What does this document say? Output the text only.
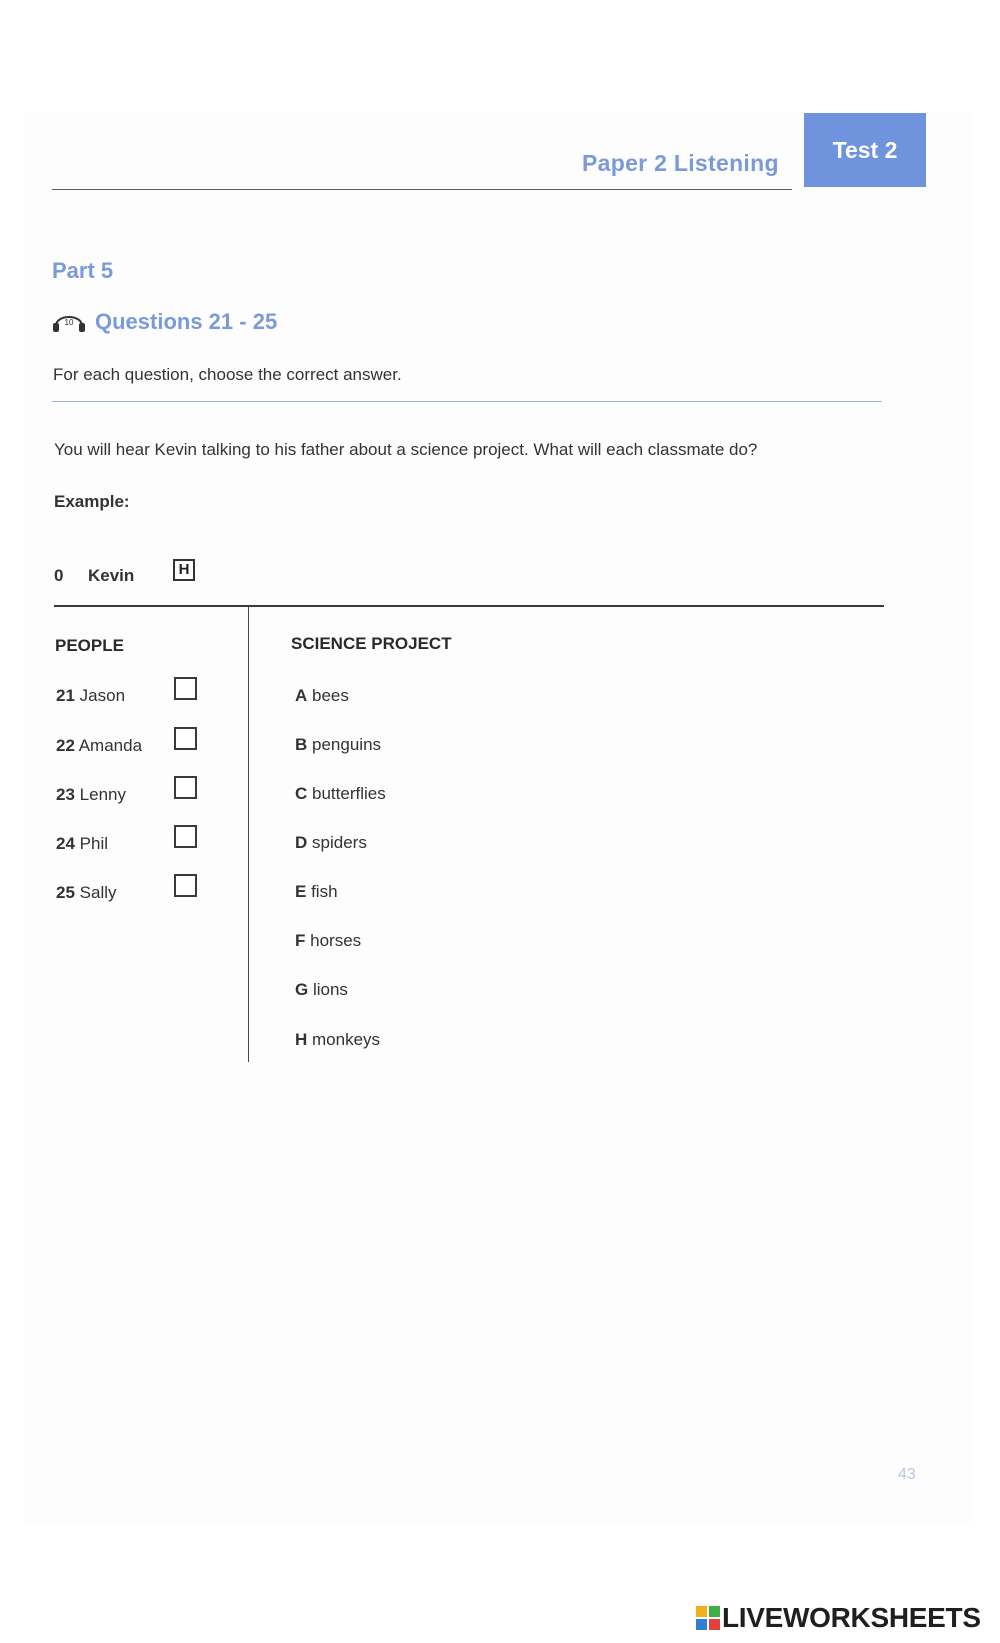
Paper 2 Listening
Test 2
Part 5
10 Questions 21 - 25
For each question, choose the correct answer.
You will hear Kevin talking to his father about a science project. What will each classmate do?
Example:
0 Kevin	H
PEOPLE	SCIENCE PROJECT
21 Jason
22 Amanda
23 Lenny
24 Phil
25 Sally
A bees
B penguins
C butterflies
D spiders
E fish
F horses
G lions
H monkeys
43
LIVEWORKSHEETS
